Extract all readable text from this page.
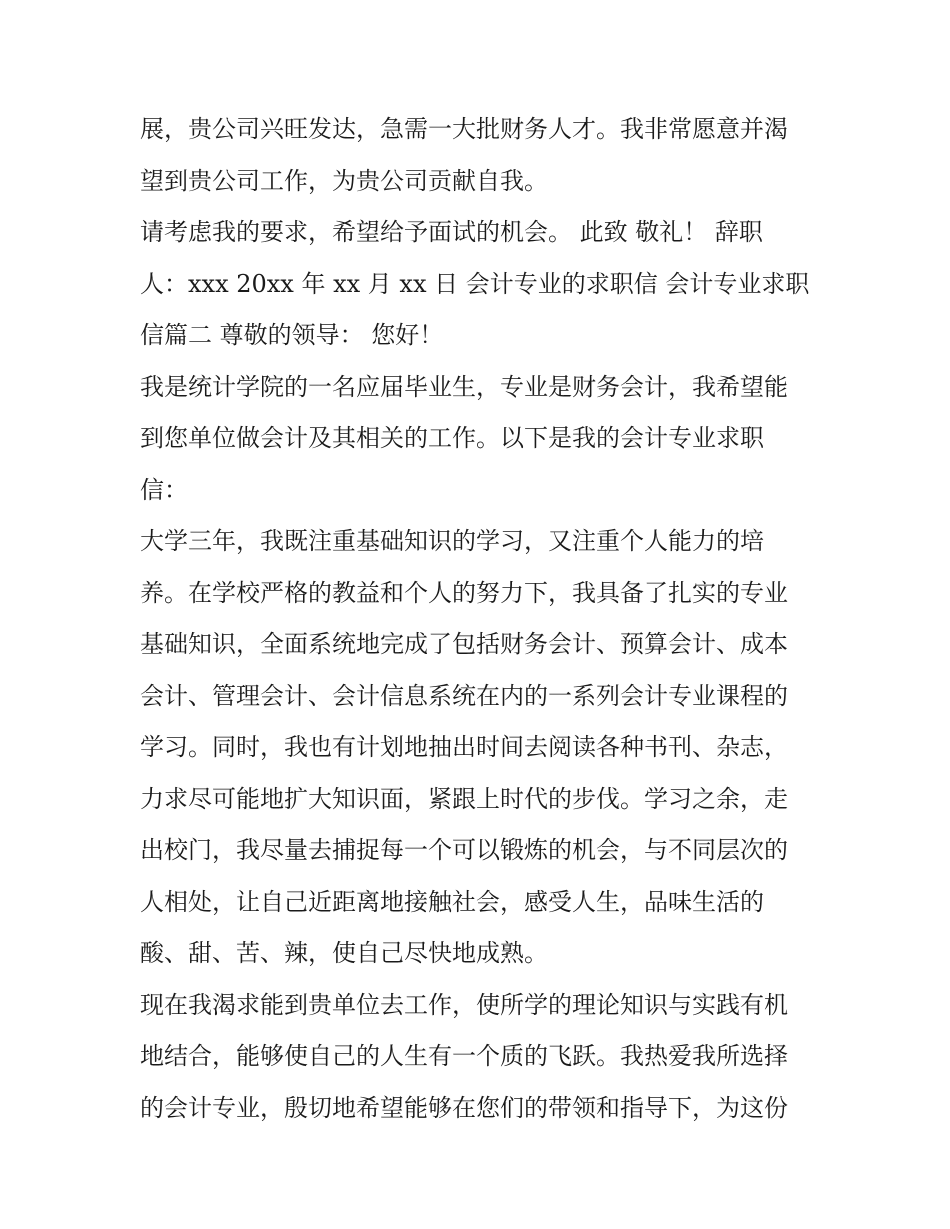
展，贵公司兴旺发达，急需一大批财务人才。我非常愿意并渴
望到贵公司工作，为贵公司贡献自我。
请考虑我的要求，希望给予面试的机会。 此致 敬礼！ 辞职
人：xxx 20xx 年 xx 月 xx 日 会计专业的求职信 会计专业求职
信篇二 尊敬的领导： 您好！
我是统计学院的一名应届毕业生，专业是财务会计，我希望能
到您单位做会计及其相关的工作。以下是我的会计专业求职
信：
大学三年，我既注重基础知识的学习，又注重个人能力的培
养。在学校严格的教益和个人的努力下，我具备了扎实的专业
基础知识，全面系统地完成了包括财务会计、预算会计、成本
会计、管理会计、会计信息系统在内的一系列会计专业课程的
学习。同时，我也有计划地抽出时间去阅读各种书刊、杂志，
力求尽可能地扩大知识面，紧跟上时代的步伐。学习之余，走
出校门，我尽量去捕捉每一个可以锻炼的机会，与不同层次的
人相处，让自己近距离地接触社会，感受人生，品味生活的
酸、甜、苦、辣，使自己尽快地成熟。
现在我渴求能到贵单位去工作，使所学的理论知识与实践有机
地结合，能够使自己的人生有一个质的飞跃。我热爱我所选择
的会计专业，殷切地希望能够在您们的带领和指导下，为这份
